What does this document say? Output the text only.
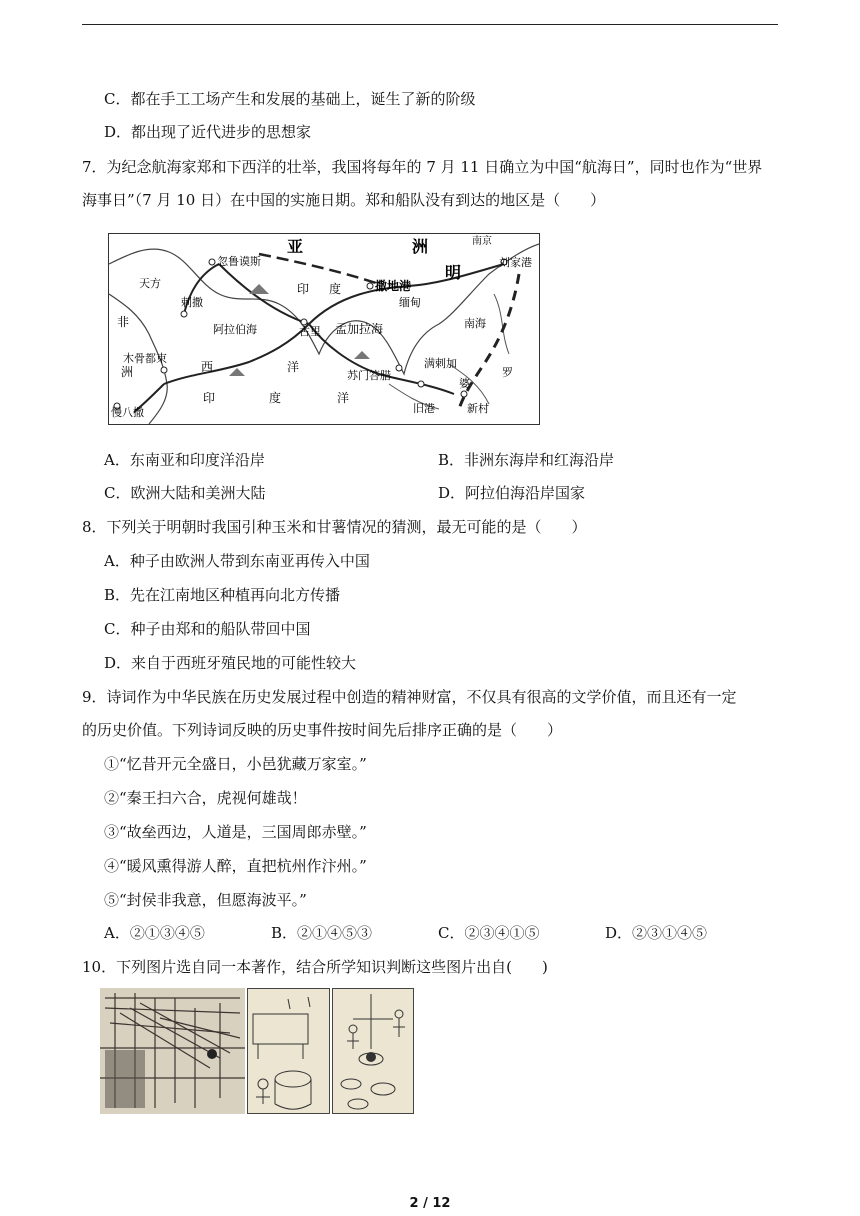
C．都在手工工场产生和发展的基础上，诞生了新的阶级
D．都出现了近代进步的思想家
7．为纪念航海家郑和下西洋的壮举，我国将每年的 7 月 11 日确立为中国“航海日”，同时也作为“世界
海事日”（7 月 10 日）在中国的实施日期。郑和船队没有到达的地区是（　　）
亚	洲	南京
刘家港
明
忽鲁谟斯
印 度	撒地港
天方
剌撒	缅甸
南海
非
阿拉伯海	古里 孟加拉海
木骨都束
西	洋
苏门答腊
满剌加
罗
婆
洲
慢八撒
印	度	洋
旧港	新村
A．东南亚和印度洋沿岸	B．非洲东海岸和红海沿岸
C．欧洲大陆和美洲大陆	D．阿拉伯海沿岸国家
8．下列关于明朝时我国引种玉米和甘薯情况的猜测，最无可能的是（　　）
A．种子由欧洲人带到东南亚再传入中国
B．先在江南地区种植再向北方传播
C．种子由郑和的船队带回中国
D．来自于西班牙殖民地的可能性较大
9．诗词作为中华民族在历史发展过程中创造的精神财富，不仅具有很高的文学价值，而且还有一定
的历史价值。下列诗词反映的历史事件按时间先后排序正确的是（　　）
①“忆昔开元全盛日，小邑犹藏万家室。”
②“秦王扫六合，虎视何雄哉！
③“故垒西边，人道是，三国周郎赤壁。”
④“暖风熏得游人醉，直把杭州作汴州。”
⑤“封侯非我意，但愿海波平。”
A．②①③④⑤	B．②①④⑤③	C．②③④①⑤	D．②③①④⑤
10．下列图片选自同一本著作，结合所学知识判断这些图片出自(　　)
2 / 12
